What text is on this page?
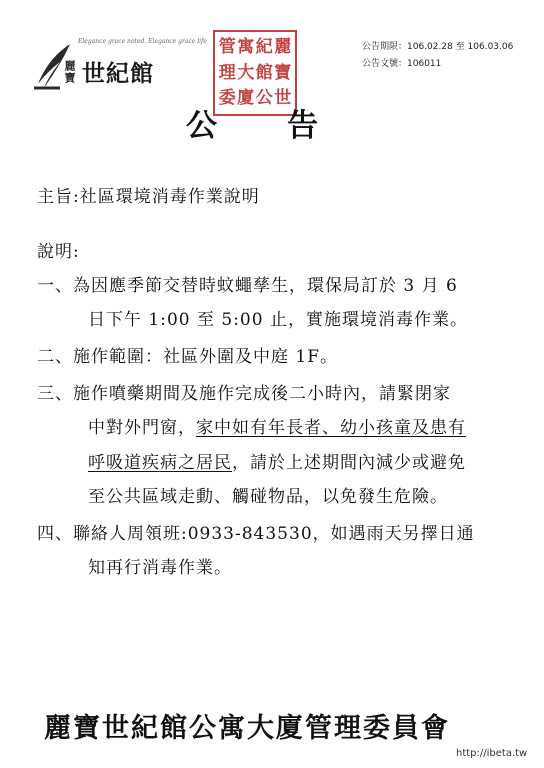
Elegance grace noted. Elegance grace life
麗寶 世紀館
麗
寶
世
紀
館
公
寓
大
廈
管
理
委
公告期限：106.02.28 至 106.03.06
公告文號：106011
公告
主旨:社區環境消毒作業說明
說明:
一、為因應季節交替時蚊蠅孳生，環保局訂於 3 月 6
日下午 1:00 至 5:00 止，實施環境消毒作業。
二、施作範圍：社區外圍及中庭 1F。
三、施作噴藥期間及施作完成後二小時內，請緊閉家
中對外門窗，家中如有年長者、幼小孩童及患有
呼吸道疾病之居民，請於上述期間內減少或避免
至公共區域走動、觸碰物品，以免發生危險。
四、聯絡人周領班:0933-843530，如遇雨天另擇日通
知再行消毒作業。
麗寶世紀館公寓大廈管理委員會
http://ibeta.tw
